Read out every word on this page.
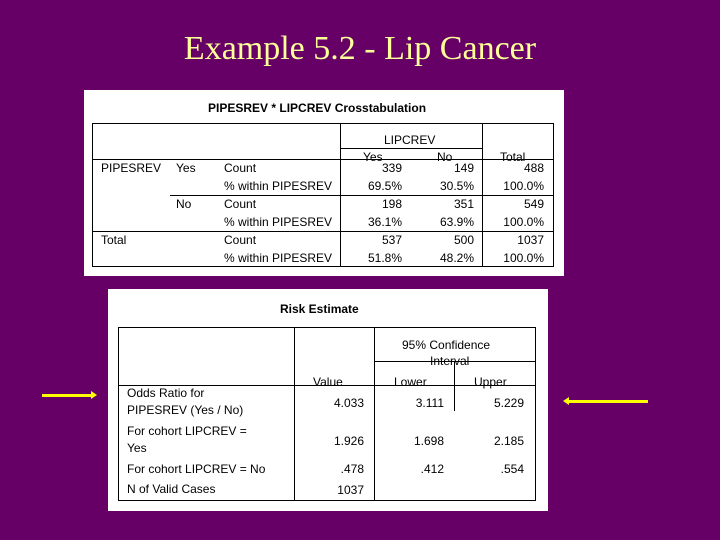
Example 5.2 - Lip Cancer
PIPESREV * LIPCREV Crosstabulation
LIPCREV
Yes	No	Total
PIPESREV Yes Count	339	149	488
% within PIPESREV	69.5%	30.5%	100.0%
No	Count	198	351	549
% within PIPESREV	36.1%	63.9%	100.0%
Total	Count	537	500	1037
% within PIPESREV	51.8%	48.2%	100.0%
Risk Estimate
95% Confidence
Interval
Value	Lower	Upper
Odds Ratio for
PIPESREV (Yes / No)	4.033	3.111	5.229
For cohort LIPCREV =
Yes	1.926	1.698	2.185
For cohort LIPCREV = No	.478	.412	.554
N of Valid Cases	1037
